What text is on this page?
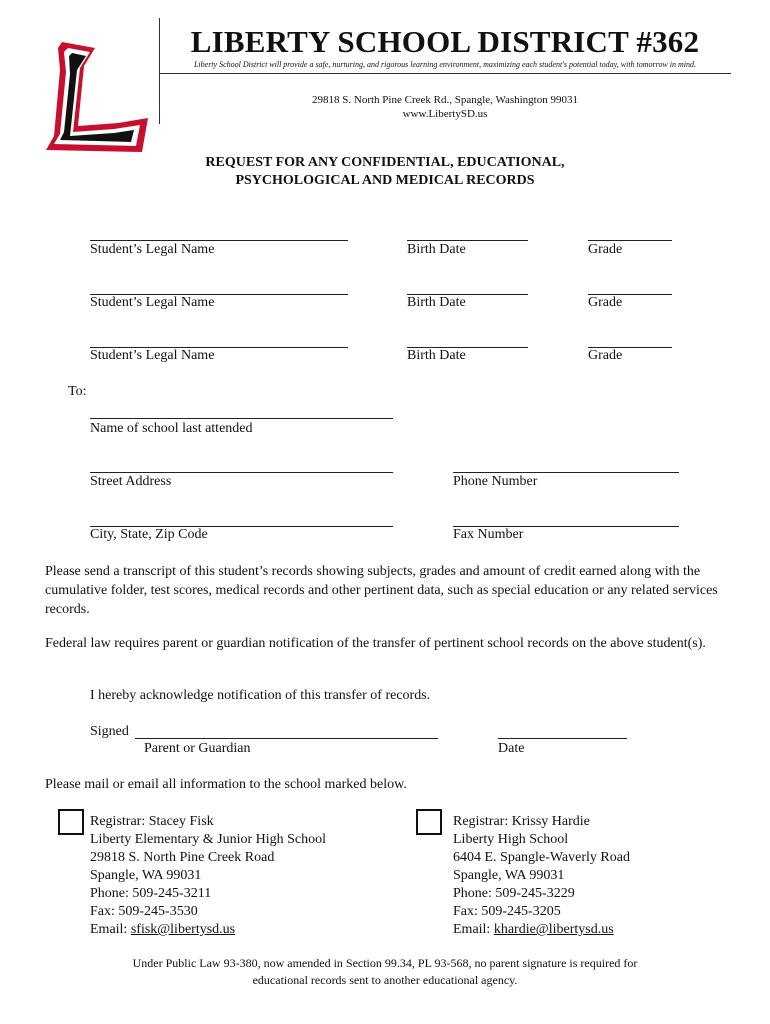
LIBERTY SCHOOL DISTRICT #362
Liberty School District will provide a safe, nurturing, and rigorous learning environment, maximizing each student's potential today, with tomorrow in mind.
29818 S. North Pine Creek Rd., Spangle, Washington 99031
www.LibertySD.us
REQUEST FOR ANY CONFIDENTIAL, EDUCATIONAL,
PSYCHOLOGICAL AND MEDICAL RECORDS
Student’s Legal Name	Birth Date	Grade
Student’s Legal Name	Birth Date	Grade
Student’s Legal Name	Birth Date	Grade
To:
Name of school last attended
Street Address	Phone Number
City, State, Zip Code	Fax Number
Please send a transcript of this student’s records showing subjects, grades and amount of credit earned along with the cumulative folder, test scores, medical records and other pertinent data, such as special education or any related services records.
Federal law requires parent or guardian notification of the transfer of pertinent school records on the above student(s).
I hereby acknowledge notification of this transfer of records.
Signed
Parent or Guardian	Date
Please mail or email all information to the school marked below.
Registrar: Stacey Fisk
Liberty Elementary & Junior High School
29818 S. North Pine Creek Road
Spangle, WA 99031
Phone: 509-245-3211
Fax: 509-245-3530
Email: sfisk@libertysd.us
Registrar: Krissy Hardie
Liberty High School
6404 E. Spangle-Waverly Road
Spangle, WA 99031
Phone: 509-245-3229
Fax: 509-245-3205
Email: khardie@libertysd.us
Under Public Law 93-380, now amended in Section 99.34, PL 93-568, no parent signature is required for
educational records sent to another educational agency.
